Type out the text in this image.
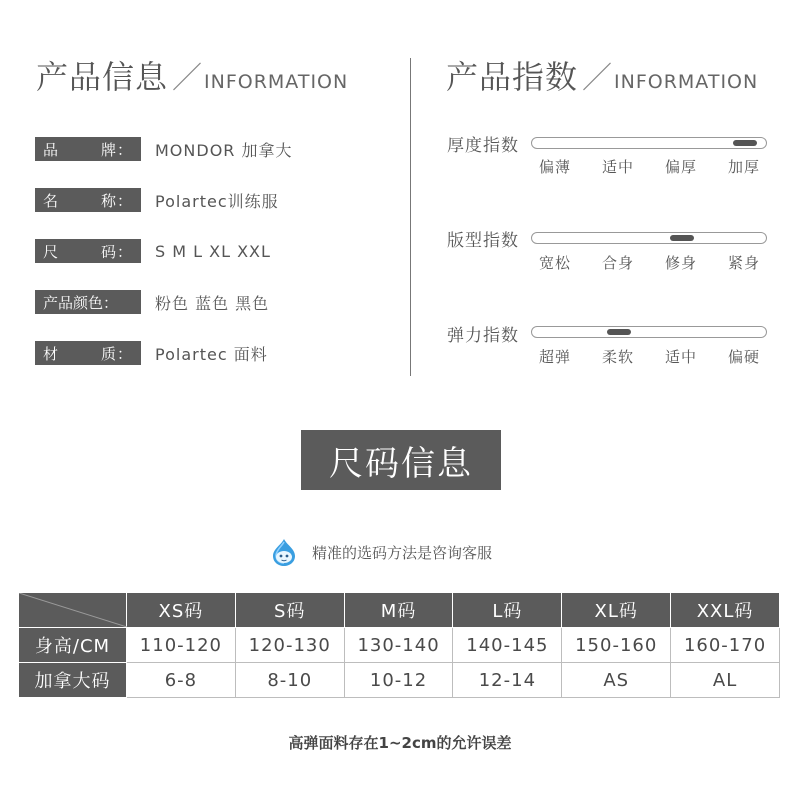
产品信息 ／ INFORMATION	产品指数 ／ INFORMATION
品	牌： MONDOR 加拿大
名	称： Polartec训练服
尺	码： S M L XL XXL
产品颜色： 粉色 蓝色 黑色
材	质： Polartec 面料
厚度指数
偏薄 适中 偏厚 加厚
版型指数
宽松 合身 修身 紧身
弹力指数
超弹 柔软 适中 偏硬
尺码信息
精准的选码方法是咨询客服
	XS码	S码	M码	L码	XL码	XXL码
身高/CM	110-120	120-130	130-140	140-145	150-160	160-170
加拿大码	6-8	8-10	10-12	12-14	AS	AL
高弹面料存在1~2cm的允许误差
